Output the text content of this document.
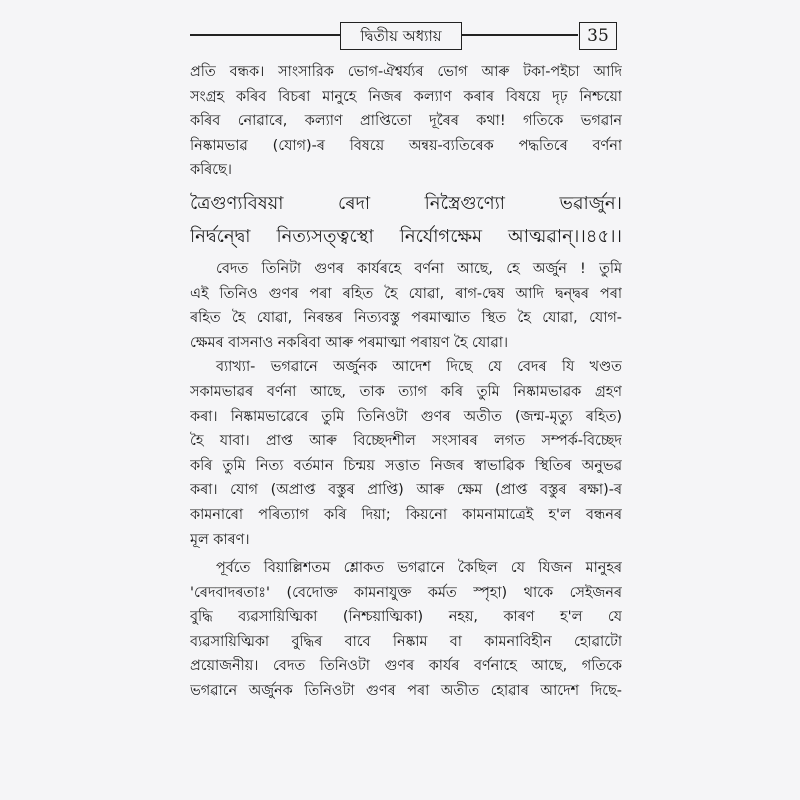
দ্বিতীয় অধ্যায়	35
প্রতি বন্ধক। সাংসারিক ভোগ-ঐশ্বর্য্যৰ ভোগ আৰু টকা-পইচা আদি
সংগ্রহ কৰিব বিচৰা মানুহে নিজৰ কল্যাণ কৰাৰ বিষয়ে দৃঢ় নিশ্চয়ো
কৰিব নোৱাৰে, কল্যাণ প্রাপ্তিতো দূৰৈৰ কথা! গতিকে ভগৱান
নিষ্কামভাৱ (যোগ)-ৰ বিষয়ে অন্বয়-ব্যতিৰেক পদ্ধতিৰে বৰ্ণনা
কৰিছে।
ত্রৈগুণ্যবিষয়া ৰেদা নিস্ত্রৈগুণ্যো ভৱার্জুন।
নির্দ্বন্দ্বো নিত্যসত্ত্বস্থো নির্যোগক্ষেম আত্মৱান্‌।।৪৫।।
বেদত তিনিটা গুণৰ কাৰ্যৰহে বৰ্ণনা আছে, হে অৰ্জুন ! তুমি
এই তিনিও গুণৰ পৰা ৰহিত হৈ যোৱা, ৰাগ-দ্বেষ আদি দ্বন্দ্বৰ পৰা
ৰহিত হৈ যোৱা, নিৰন্তৰ নিত্যবস্তু পৰমাত্মাত স্থিত হৈ যোৱা, যোগ-
ক্ষেমৰ বাসনাও নকৰিবা আৰু পৰমাত্মা পৰায়ণ হৈ যোৱা।
ব্যাখ্যা- ভগৱানে অৰ্জুনক আদেশ দিছে যে বেদৰ যি খণ্ডত
সকামভাৱৰ বৰ্ণনা আছে, তাক ত্যাগ কৰি তুমি নিষ্কামভাৱক গ্ৰহণ
কৰা। নিষ্কামভাৱেৰে তুমি তিনিওটা গুণৰ অতীত (জন্ম-মৃত্যু ৰহিত)
হৈ যাবা। প্রাপ্ত আৰু বিচ্ছেদশীল সংসাৰৰ লগত সম্পৰ্ক-বিচ্ছেদ
কৰি তুমি নিত্য বৰ্তমান চিন্ময় সত্তাত নিজৰ স্বাভাৱিক স্থিতিৰ অনুভৱ
কৰা। যোগ (অপ্রাপ্ত বস্তুৰ প্রাপ্তি) আৰু ক্ষেম (প্রাপ্ত বস্তুৰ ৰক্ষা)-ৰ
কামনাৰো পৰিত্যাগ কৰি দিয়া; কিয়নো কামনামাত্ৰেই হ'ল বন্ধনৰ
মূল কাৰণ।
পূৰ্বতে বিয়াল্লিশতম শ্লোকত ভগৱানে কৈছিল যে যিজন মানুহৰ
'ৰেদবাদৰতাঃ' (বেদোক্ত কামনাযুক্ত কৰ্মত স্পৃহা) থাকে সেইজনৰ
বুদ্ধি ব্যৱসায়িত্মিকা (নিশ্চয়াত্মিকা) নহয়, কাৰণ হ'ল যে
ব্যৱসায়িত্মিকা বুদ্ধিৰ বাবে নিষ্কাম বা কামনাবিহীন হোৱাটো
প্রয়োজনীয়। বেদত তিনিওটা গুণৰ কাৰ্যৰ বৰ্ণনাহে আছে, গতিকে
ভগৱানে অৰ্জুনক তিনিওটা গুণৰ পৰা অতীত হোৱাৰ আদেশ দিছে-
